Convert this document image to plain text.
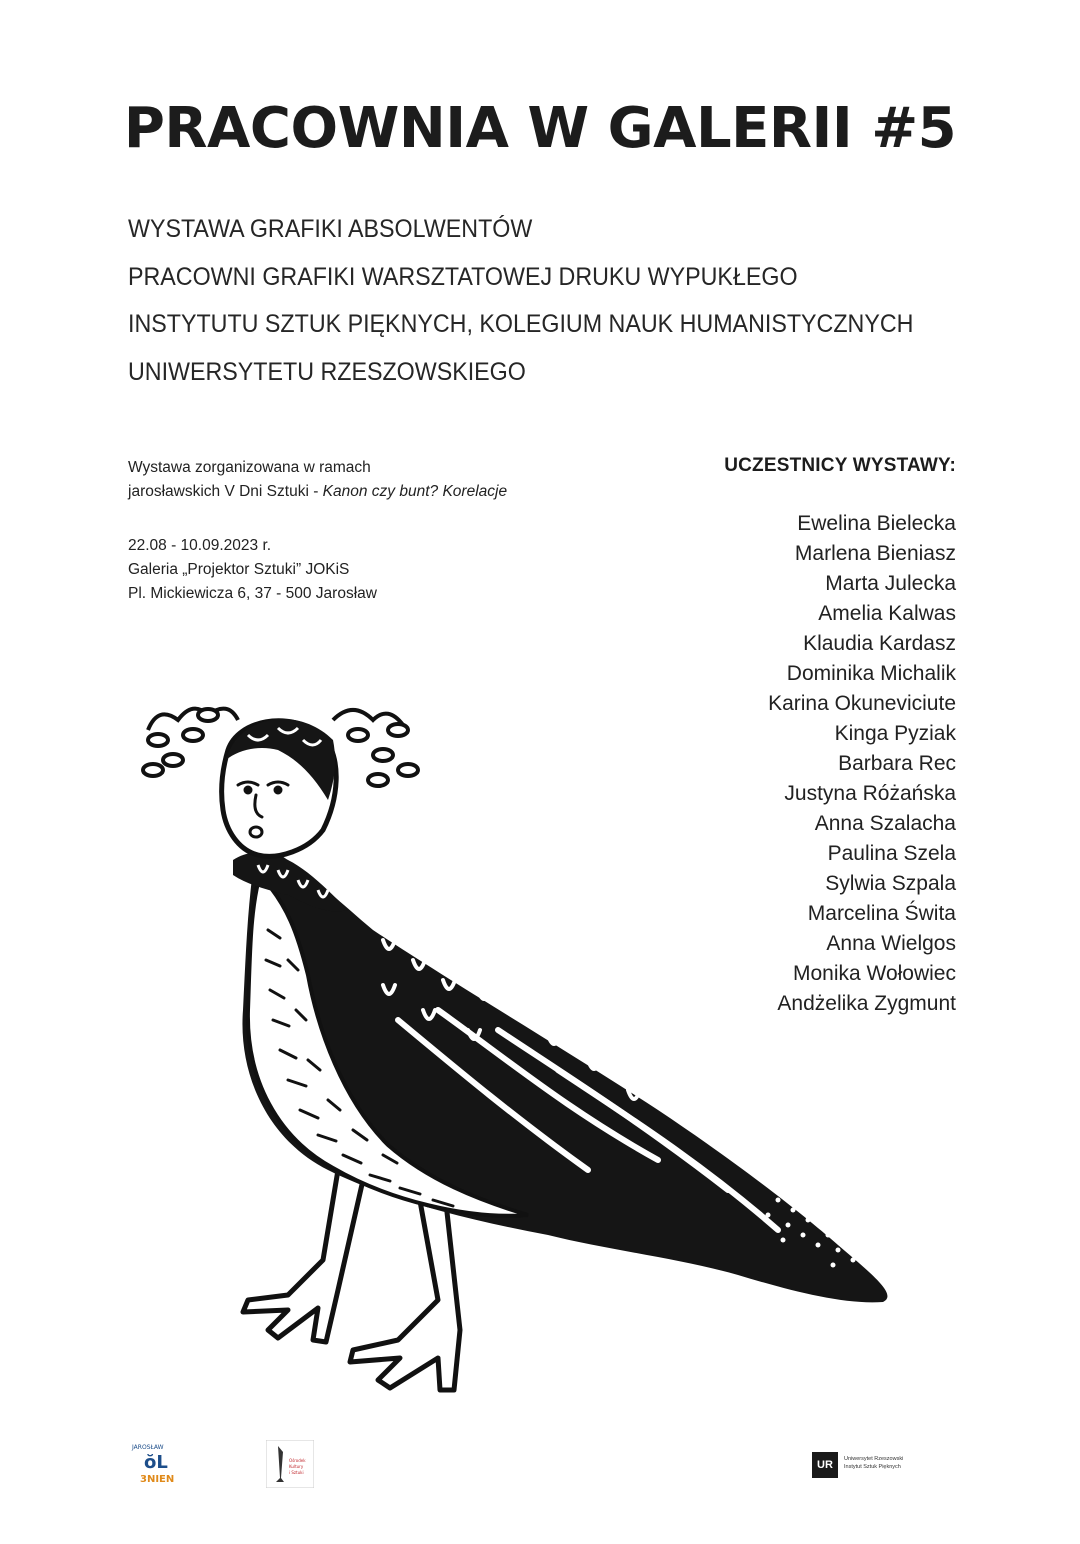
PRACOWNIA W GALERII #5
WYSTAWA GRAFIKI ABSOLWENTÓW
PRACOWNI GRAFIKI WARSZTATOWEJ DRUKU WYPUKŁEGO
INSTYTUTU SZTUK PIĘKNYCH, KOLEGIUM NAUK HUMANISTYCZNYCH
UNIWERSYTETU RZESZOWSKIEGO
Wystawa zorganizowana w ramach
jarosławskich V Dni Sztuki - Kanon czy bunt? Korelacje
22.08 - 10.09.2023 r.
Galeria „Projektor Sztuki” JOKiS
Pl. Mickiewicza 6, 37 - 500 Jarosław
UCZESTNICY WYSTAWY:
Ewelina Bielecka
Marlena Bieniasz
Marta Julecka
Amelia Kalwas
Klaudia Kardasz
Dominika Michalik
Karina Okuneviciute
Kinga Pyziak
Barbara Rec
Justyna Różańska
Anna Szalacha
Paulina Szela
Sylwia Szpala
Marcelina Świta
Anna Wielgos
Monika Wołowiec
Andżelika Zygmunt
JAROSŁAW
ŏL
3NIEN
Ośrodek
Kultury
i Sztuki
UR	Uniwersytet Rzeszowski
Instytut Sztuk Pięknych
